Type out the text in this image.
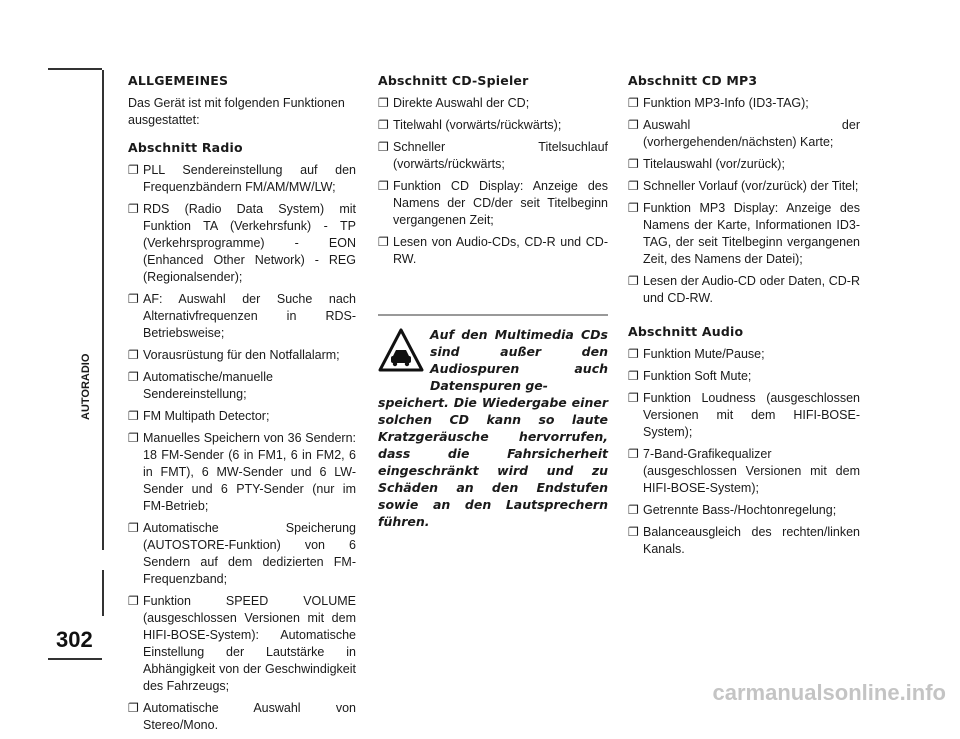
AUTORADIO
302
ALLGEMEINES

Das Gerät ist mit folgenden Funktionen ausgestattet:

Abschnitt Radio
❐ PLL Sendereinstellung auf den Frequenzbändern FM/AM/MW/LW;
❐ RDS (Radio Data System) mit Funktion TA (Verkehrsfunk) - TP (Verkehrsprogramme) - EON (Enhanced Other Network) - REG (Regionalsender);
❐ AF: Auswahl der Suche nach Alternativfrequenzen in RDS-Betriebsweise;
❐ Vorausrüstung für den Notfallalarm;
❐ Automatische/manuelle Sendereinstellung;
❐ FM Multipath Detector;
❐ Manuelles Speichern von 36 Sendern: 18 FM-Sender (6 in FM1, 6 in FM2, 6 in FMT), 6 MW-Sender und 6 LW-Sender und 6 PTY-Sender (nur im FM-Betrieb;
❐ Automatische Speicherung (AUTOSTORE-Funktion) von 6 Sendern auf dem dedizierten FM-Frequenzband;
❐ Funktion SPEED VOLUME (ausgeschlossen Versionen mit dem HIFI-BOSE-System): Automatische Einstellung der Lautstärke in Abhängigkeit von der Geschwindigkeit des Fahrzeugs;
❐ Automatische Auswahl von Stereo/Mono.
Abschnitt CD-Spieler
❐ Direkte Auswahl der CD;
❐ Titelwahl (vorwärts/rückwärts);
❐ Schneller Titelsuchlauf (vorwärts/rückwärts;
❐ Funktion CD Display: Anzeige des Namens der CD/der seit Titelbeginn vergangenen Zeit;
❐ Lesen von Audio-CDs, CD-R und CD-RW.

Auf den Multimedia CDs sind außer den Audiospuren auch Datenspuren ge-
speichert. Die Wiedergabe einer solchen CD kann so laute Kratzgeräusche hervorrufen, dass die Fahrsicherheit eingeschränkt wird und zu Schäden an den Endstufen sowie an den Lautsprechern führen.

Abschnitt CD MP3
❐ Funktion MP3-Info (ID3-TAG);
❐ Auswahl der (vorhergehenden/nächsten) Karte;
❐ Titelauswahl (vor/zurück);
❐ Schneller Vorlauf (vor/zurück) der Titel;
❐ Funktion MP3 Display: Anzeige des Namens der Karte, Informationen ID3-TAG, der seit Titelbeginn vergangenen Zeit, des Namens der Datei);
❐ Lesen der Audio-CD oder Daten, CD-R und CD-RW.
Abschnitt Audio
❐ Funktion Mute/Pause;
❐ Funktion Soft Mute;
❐ Funktion Loudness (ausgeschlossen Versionen mit dem HIFI-BOSE-System);
❐ 7-Band-Grafikequalizer (ausgeschlossen Versionen mit dem HIFI-BOSE-System);
❐ Getrennte Bass-/Hochtonregelung;
❐ Balanceausgleich des rechten/linken Kanals.
carmanualsonline.info
